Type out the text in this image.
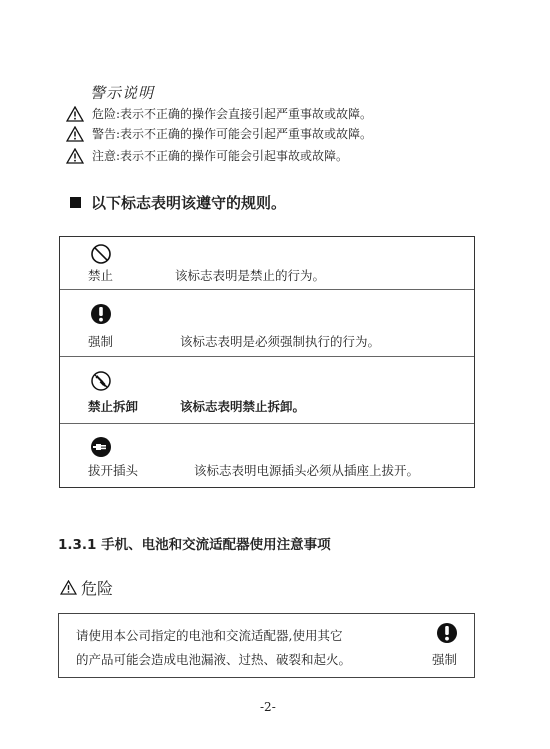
警示说明
危险:表示不正确的操作会直接引起严重事故或故障。
警告:表示不正确的操作可能会引起严重事故或故障。
注意:表示不正确的操作可能会引起事故或故障。
以下标志表明该遵守的规则。
禁止	该标志表明是禁止的行为。
强制	该标志表明是必须强制执行的行为。
禁止拆卸	该标志表明禁止拆卸。
拔开插头	该标志表明电源插头必须从插座上拔开。
1.3.1 手机、电池和交流适配器使用注意事项
危险
请使用本公司指定的电池和交流适配器,使用其它
的产品可能会造成电池漏液、过热、破裂和起火。	强制
-2-
